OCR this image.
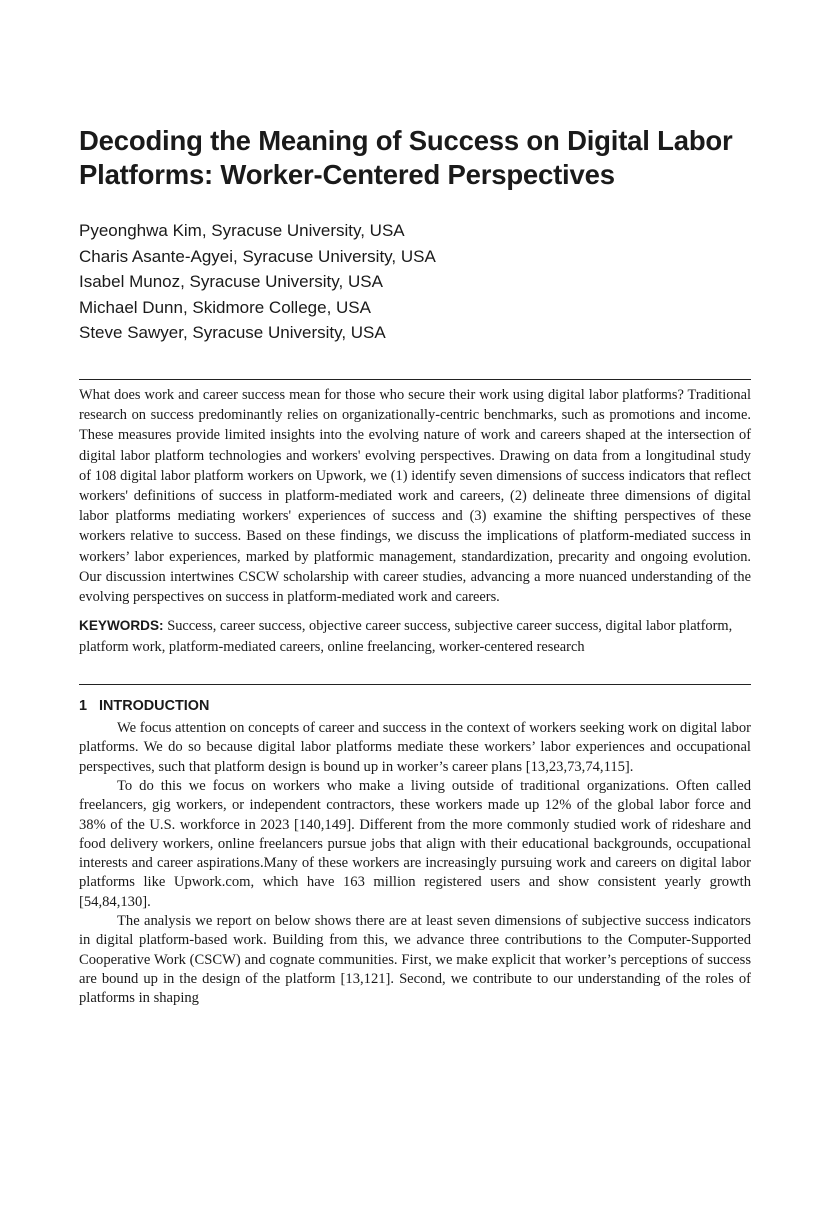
Decoding the Meaning of Success on Digital Labor Platforms: Worker-Centered Perspectives
Pyeonghwa Kim, Syracuse University, USA
Charis Asante-Agyei, Syracuse University, USA
Isabel Munoz, Syracuse University, USA
Michael Dunn, Skidmore College, USA
Steve Sawyer, Syracuse University, USA

What does work and career success mean for those who secure their work using digital labor platforms? Traditional research on success predominantly relies on organizationally-centric benchmarks, such as promotions and income. These measures provide limited insights into the evolving nature of work and careers shaped at the intersection of digital labor platform technologies and workers' evolving perspectives. Drawing on data from a longitudinal study of 108 digital labor platform workers on Upwork, we (1) identify seven dimensions of success indicators that reflect workers' definitions of success in platform-mediated work and careers, (2) delineate three dimensions of digital labor platforms mediating workers' experiences of success and (3) examine the shifting perspectives of these workers relative to success. Based on these findings, we discuss the implications of platform-mediated success in workers’ labor experiences, marked by platformic management, standardization, precarity and ongoing evolution. Our discussion intertwines CSCW scholarship with career studies, advancing a more nuanced understanding of the evolving perspectives on success in platform-mediated work and careers.

KEYWORDS: Success, career success, objective career success, subjective career success, digital labor platform, platform work, platform-mediated careers, online freelancing, worker-centered research
1 INTRODUCTION

We focus attention on concepts of career and success in the context of workers seeking work on digital labor platforms. We do so because digital labor platforms mediate these workers’ labor experiences and occupational perspectives, such that platform design is bound up in worker’s career plans [13,23,73,74,115].

To do this we focus on workers who make a living outside of traditional organizations. Often called freelancers, gig workers, or independent contractors, these workers made up 12% of the global labor force and 38% of the U.S. workforce in 2023 [140,149]. Different from the more commonly studied work of rideshare and food delivery workers, online freelancers pursue jobs that align with their educational backgrounds, occupational interests and career aspirations.Many of these workers are increasingly pursuing work and careers on digital labor platforms like Upwork.com, which have 163 million registered users and show consistent yearly growth [54,84,130].

The analysis we report on below shows there are at least seven dimensions of subjective success indicators in digital platform-based work. Building from this, we advance three contributions to the Computer-Supported Cooperative Work (CSCW) and cognate communities. First, we make explicit that worker’s perceptions of success are bound up in the design of the platform [13,121]. Second, we contribute to our understanding of the roles of platforms in shaping
